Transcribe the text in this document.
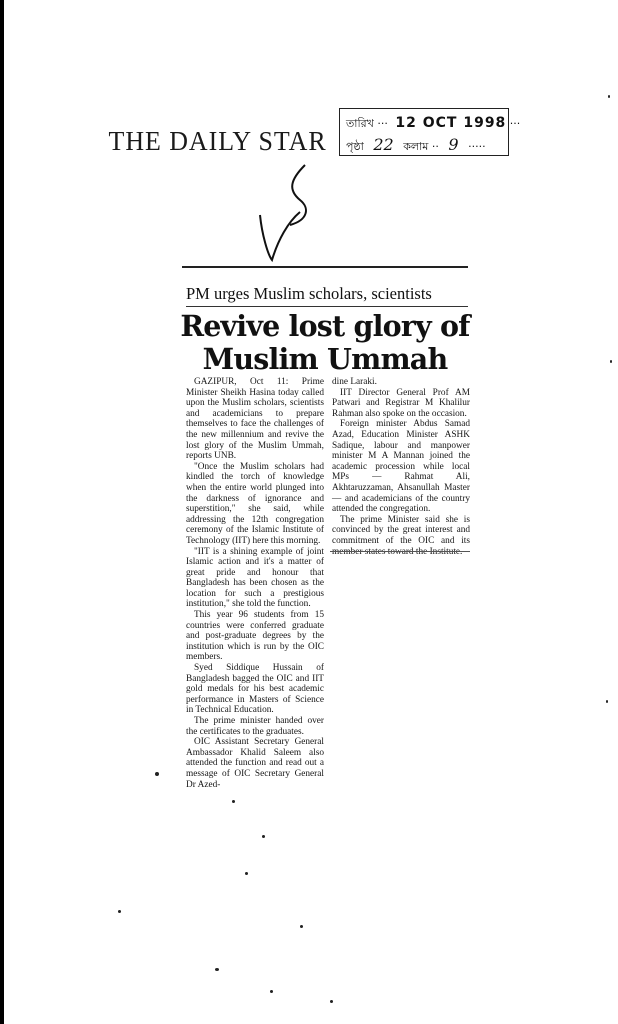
THE DAILY STAR
তারিখ ··· 12 OCT 1998 ···
পৃষ্ঠা 22 কলাম ·· 9 ·····
PM urges Muslim scholars, scientists
Revive lost glory of
Muslim Ummah

GAZIPUR, Oct 11: Prime Minister Sheikh Hasina today called upon the Muslim scholars, scientists and academicians to prepare themselves to face the challenges of the new millennium and revive the lost glory of the Muslim Ummah, reports UNB.

"Once the Muslim scholars had kindled the torch of knowledge when the entire world plunged into the darkness of ignorance and superstition," she said, while addressing the 12th congregation ceremony of the Islamic Institute of Technology (IIT) here this morning.

"IIT is a shining example of joint Islamic action and it's a matter of great pride and honour that Bangladesh has been chosen as the location for such a prestigious institution," she told the function.

This year 96 students from 15 countries were conferred graduate and post-graduate degrees by the institution which is run by the OIC members.

Syed Siddique Hussain of Bangladesh bagged the OIC and IIT gold medals for his best academic performance in Masters of Science in Technical Education.

The prime minister handed over the certificates to the graduates.

OIC Assistant Secretary General Ambassador Khalid Saleem also attended the function and read out a message of OIC Secretary General Dr Azed-

dine Laraki.

IIT Director General Prof AM Patwari and Registrar M Khalilur Rahman also spoke on the occasion.

Foreign minister Abdus Samad Azad, Education Minister ASHK Sadique, labour and manpower minister M A Mannan joined the academic procession while local MPs — Rahmat Ali, Akhtaruzzaman, Ahsanullah Master — and academicians of the country attended the congregation.

The prime Minister said she is convinced by the great interest and commitment of the OIC and its
